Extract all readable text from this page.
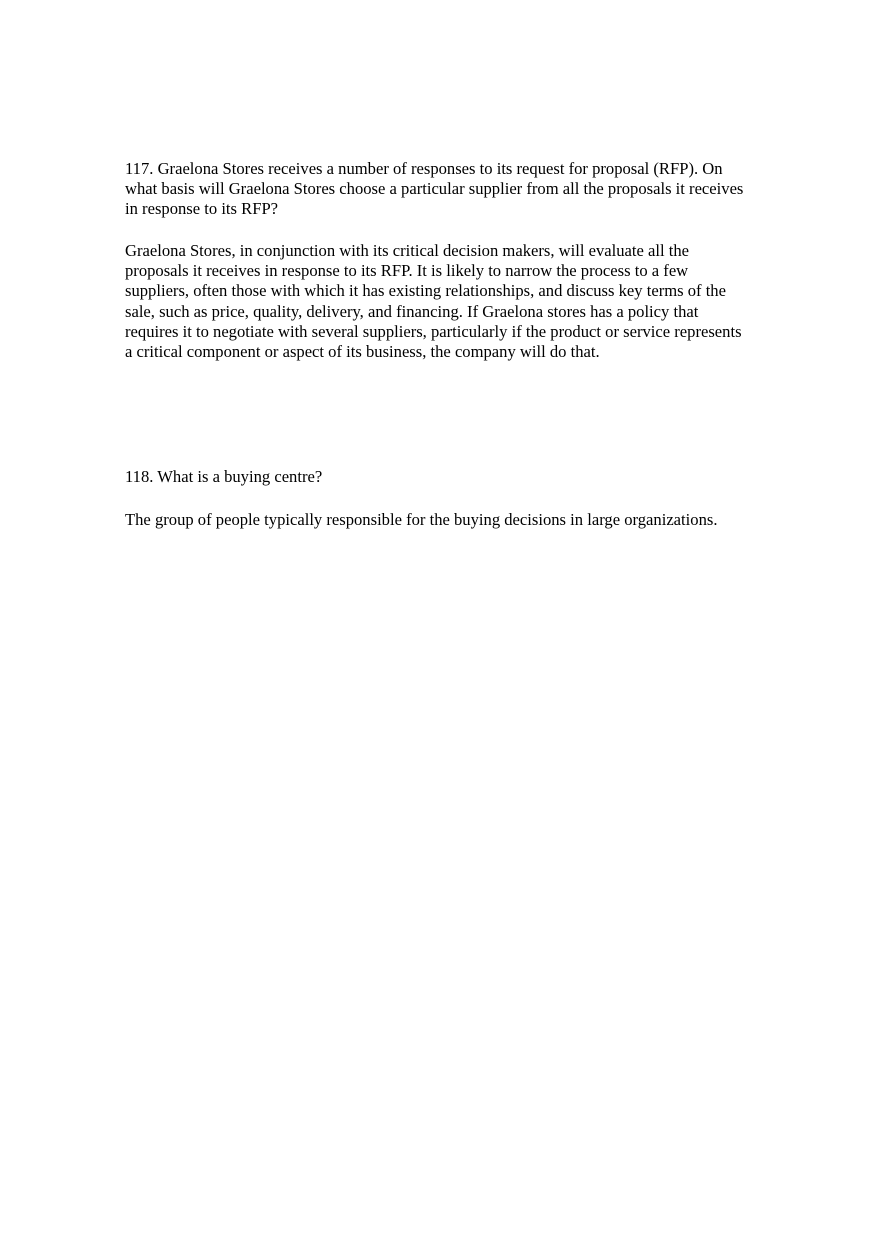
117. Graelona Stores receives a number of responses to its request for proposal (RFP). On
what basis will Graelona Stores choose a particular supplier from all the proposals it receives
in response to its RFP?
Graelona Stores, in conjunction with its critical decision makers, will evaluate all the
proposals it receives in response to its RFP. It is likely to narrow the process to a few
suppliers, often those with which it has existing relationships, and discuss key terms of the
sale, such as price, quality, delivery, and financing. If Graelona stores has a policy that
requires it to negotiate with several suppliers, particularly if the product or service represents
a critical component or aspect of its business, the company will do that.
118. What is a buying centre?
The group of people typically responsible for the buying decisions in large organizations.
